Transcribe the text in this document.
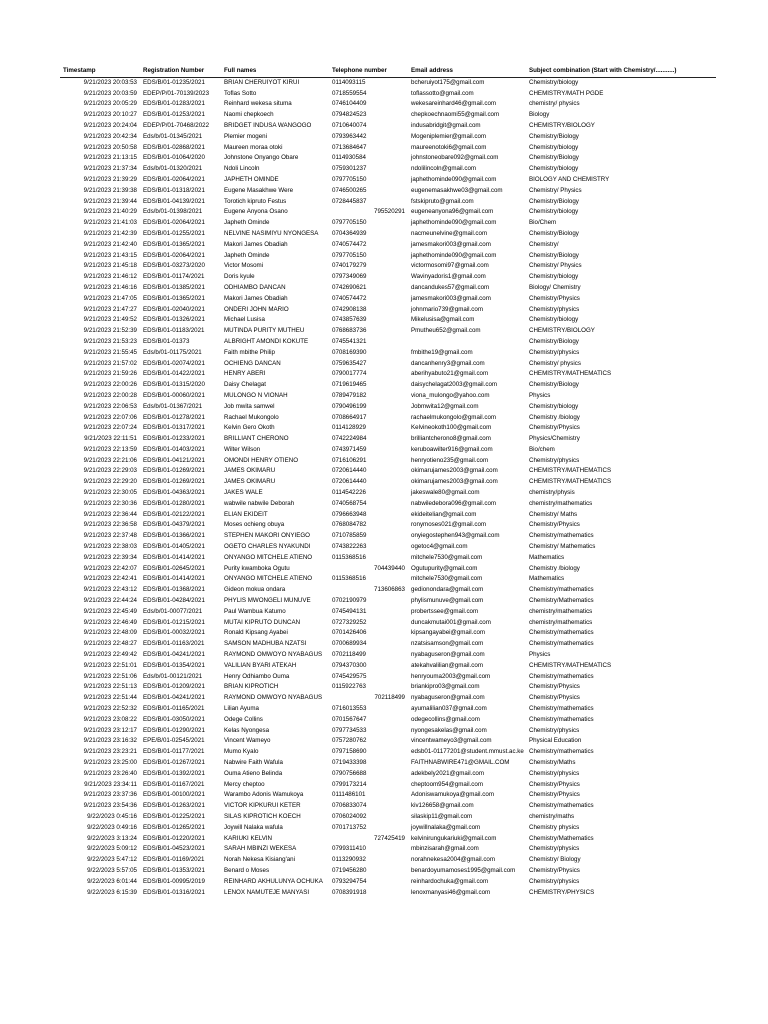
Timestamp	Registration Number	Full names	Telephone number	Email address	Subject combination (Start with Chemistry/...........)
9/21/2023 20:03:53	EDS/B/01-01235/2021	BRIAN CHERUIYOT KIRUI	0114093115	bcheruiyot175@gmail.com	Chemistry/biology
9/21/2023 20:03:59	EDEP/P/01-70139/2023	Toflas Sotto	0718559554	toflassotto@gmail.com	CHEMISTRY/MATH PGDE
9/21/2023 20:05:29	EDS/B/01-01283/2021	Reinhard wekesa situma	0746104409	wekesareinhard46@gmail.com	chemistry/ physics
9/21/2023 20:10:27	EDS/B/01-01253/2021	Naomi chepkoech	0794824523	chepkoechnaomi55@gmail.com	Biology
9/21/2023 20:24:04	EDEP/P/01-70468/2022	BRIDGET INDUSA WANGOGO	0710640074	indusabridgit@gmail.com	CHEMISTRY/BIOLOGY
9/21/2023 20:42:34	Eds/b/01-01345/2021	Plemier mogeni	0793963442	Mogeniplemier@gmail.com	Chemistry/Biology
9/21/2023 20:50:58	EDS/B/01-02868/2021	Maureen moraa otoki	0713684647	maureenotoki6@gmail.com	Chemistry/biology
9/21/2023 21:13:15	EDS/B/01-01064/2020	Johnstone Onyango Obare	0114930584	johnstoneobare092@gmail.com	Chemistry/Biology
9/21/2023 21:37:34	Eds/b/01-01320/2021	Ndoli Lincoln	0759301237	ndolilincoln@gmail.com	Chemistry/biology
9/21/2023 21:39:29	EDS/B/01-02064/2021	JAPHETH OMINDE	0797705150	japhethominde090@gmail.com	BIOLOGY AND CHEMISTRY
9/21/2023 21:39:38	EDS/B/01-01318/2021	Eugene Masakhwe Were	0746500265	eugenemasakhwe03@gmail.com	Chemistry/ Physics
9/21/2023 21:39:44	EDS/B/01-04139/2021	Torotich kipruto Festus	0728445837	fstskipruto@gmail.com	Chemistry/Biology
9/21/2023 21:40:29	Eds/b/01-01398/2021	Eugene Anyona Osano	795520291	eugeneanyona96@gmail.com	Chemistry/biology
9/21/2023 21:41:03	EDS/B/01-02064/2021	Japheth Ominde	0797705150	japhethominde090@gmail.com	Bio/Chem
9/21/2023 21:42:39	EDS/B/01-01255/2021	NELVINE NASIMIYU NYONGESA	0704364939	nacmeunelvine@gmail.com	Chemistry/Biology
9/21/2023 21:42:40	EDS/B/01-01365/2021	Makori James Obadiah	0740574472	jamesmakori003@gmail.com	Chemistry/
9/21/2023 21:43:15	EDS/B/01-02064/2021	Japheth Ominde	0797705150	japhethominde090@gmail.com	Chemistry/Biology
9/21/2023 21:45:18	EDS/B/01-03273/2020	Victor Mosomi	0740179279	victormosomi97@gmail.com	Chemistry/ Physics
9/21/2023 21:46:12	EDS/B/01-01174/2021	Doris kyule	0797349069	Wavinyadoris1@gmail.com	Chemistry/biology
9/21/2023 21:46:16	EDS/B/01-01385/2021	ODHIAMBO DANCAN	0742690621	dancandukes57@gmail.com	Biology/ Chemistry
9/21/2023 21:47:05	EDS/B/01-01365/2021	Makori James Obadiah	0740574472	jamesmakori003@gmail.com	Chemistry/Physics
9/21/2023 21:47:27	EDS/B/01-02040/2021	ONDERI JOHN MARIO	0742908138	johnmario739@gmail.com	Chemistry/physics
9/21/2023 21:49:52	EDS/B/01-01326/2021	Michael Lusisa	0743857639	Mikelusisa@gmail.com	Chemistry/biology
9/21/2023 21:52:39	EDS/B/01-01183/2021	MUTINDA PURITY MUTHEU	0768683736	Pmutheu652@gmail.com	CHEMISTRY/BIOLOGY
9/21/2023 21:53:23	EDS/B/01-01373	ALBRIGHT AMONDI KOKUTE	0745541321		Chemistry/Biology
9/21/2023 21:55:45	Eds/b/01-01175/2021	Faith mbithe Philip	0708169390	fmbithe19@gmail.com	Chemistry/physics
9/21/2023 21:57:02	EDS/B/01-02074/2021	OCHIENG DANCAN	0759635427	dancanhenry3@gmail.com	Chemistry/ physics
9/21/2023 21:59:26	EDS/B/01-01422/2021	HENRY ABERI	0790017774	aberihyabuto21@gmail.com	CHEMISTRY/MATHEMATICS
9/21/2023 22:00:26	EDS/B/01-01315/2020	Daisy Chelagat	0719619465	daisychelagat2003@gmail.com	Chemistry/Biology
9/21/2023 22:00:28	EDS/B/01-00060/2021	MULONGO N VIONAH	0789479182	viona_mulongo@yahoo.com	Physics
9/21/2023 22:06:53	Eds/b/01-01367/2021	Job mwita samwel	0790496199	Jobmwita12@gmail.com	Chemistry/biology
9/21/2023 22:07:06	EDS/B/01-01278/2021	Rachael Mukongolo	0708664917	rachaelmukongolo@gmail.com	Chemistry /biology
9/21/2023 22:07:24	EDS/B/01-01317/2021	Kelvin Gero Okoth	0114128929	Kelvineokoth100@gmail.com	Chemistry/Physics
9/21/2023 22:11:51	EDS/B/01-01233/2021	BRILLIANT CHERONO	0742224984	brilliantcherono8@gmail.com	Physics/Chemistry
9/21/2023 22:13:59	EDS/B/01-01403/2021	Wilter Wilson	0743971459	keruboawilter916@gmail.com	Bio/chem
9/21/2023 22:21:06	EDS/B/01-04121/2021	OMONDI HENRY OTIENO	0716106291	henryotieno235@gmail.com	Chemistry/physics
9/21/2023 22:29:03	EDS/B/01-01269/2021	JAMES OKIMARU	0720614440	okimarujames2003@gmail.com	CHEMISTRY/MATHEMATICS
9/21/2023 22:29:20	EDS/B/01-01269/2021	JAMES OKIMARU	0720614440	okimarujames2003@gmail.com	CHEMISTRY/MATHEMATICS
9/21/2023 22:30:05	EDS/B/01-04363/2021	JAKES WALE	0114542226	jakeswale80@gmail.com	chemistry/physis
9/21/2023 22:30:36	EDS/B/01-01280/2021	wabwile nabwile Deborah	0740568754	nabwiledebora096@gmail.com	chemistry/mathematics
9/21/2023 22:36:44	EDS/B/01-02122/2021	ELIAN EKIDEIT	0796663948	ekideitelian@gmail.com	Chemistry/ Maths
9/21/2023 22:36:58	EDS/B/01-04379/2021	Moses ochieng obuya	0768084782	ronymoses021@gmail.com	Chemistry/Physics
9/21/2023 22:37:48	EDS/B/01-01366/2021	STEPHEN MAKORI ONYIEGO	0710785859	onyiegostephen943@gmail.com	Chemistry/mathematics
9/21/2023 22:38:03	EDS/B/01-01405/2021	OGETO CHARLES NYAKUNDI	0743822263	ogetoc4@gmail.com	Chemistry/ Mathematics
9/21/2023 22:39:34	EDS/B/01-01414/2021	ONYANGO MITCHELE ATIENO	0115368516	mitchele7530@gmail.com	Mathematics
9/21/2023 22:42:07	EDS/B/01-02645/2021	Purity kwamboka Ogutu	704439440	Ogutupurity@gmail.com	Chemistry /biology
9/21/2023 22:42:41	EDS/B/01-01414/2021	ONYANGO MITCHELE ATIENO	0115368516	mitchele7530@gmail.com	Mathematics
9/21/2023 22:43:12	EDS/B/01-01368/2021	Gideon mokua ondara	713606863	gedionondara@gmail.com	Chemistry/mathematics
9/21/2023 22:44:24	EDS/B/01-04284/2021	PHYLIS MWONGELI MUNUVE	0702190979	phylismunuve@gmail.com	Chemistry/Mathematics
9/21/2023 22:45:49	Eds/b/01-00077/2021	Paul Wambua Katumo	0745494131	probertssee@gmail.com	chemistry/mathematics
9/21/2023 22:46:49	EDS/B/01-01215/2021	MUTAI KIPRUTO DUNCAN	0727329252	duncakmutai001@gmail.com	chemistry/mathematics
9/21/2023 22:48:09	EDS/B/01-00032/2021	Ronald Kipsang Ayabei	0701426406	kipsangayabei@gmail.com	Chemistry/mathematics
9/21/2023 22:48:27	EDS/B/01-01163/2021	SAMSON MADHUBA NZATSI	0700689934	nzatsisamson@gmail.com	Chemistry/mathematics
9/21/2023 22:49:42	EDS/B/01-04241/2021	RAYMOND OMWOYO NYABAGUS	0702118499	nyabaguseron@gmail.com	Physics
9/21/2023 22:51:01	EDS/B/01-01354/2021	VALILIAN BYARI ATEKAH	0794370300	atekahvalilian@gmail.com	CHEMISTRY/MATHEMATICS
9/21/2023 22:51:06	Eds/b/01-00121/2021	Henry Odhiambo Ouma	0745429575	henryouma2003@gmail.com	Chemistry/mathematics
9/21/2023 22:51:13	EDS/B/01-01209/2021	BRIAN KIPROTICH	0115922763	briankipro03@gmail.com	Chemistry/Physics
9/21/2023 22:51:44	EDS/B/01-04241/2021	RAYMOND OMWOYO NYABAGUS	702118499	nyabaguseron@gmail.com	Chemistry/Physics
9/21/2023 22:52:32	EDS/B/01-01165/2021	Lilian Ayuma	0716013553	ayumalilian037@gmail.com	Chemistry/mathematics
9/21/2023 23:08:22	EDS/B/01-03050/2021	Odege Collins	0701567647	odegecollins@gmail.com	Chemistry/mathematics
9/21/2023 23:12:17	EDS/B/01-01290/2021	Kelas Nyongesa	0797734533	nyongesakelas@gmail.com	Chemistry/physics
9/21/2023 23:16:32	EPE/B/01-02545/2021	Vincent Wameyo	0757280762	vincentwameyo3@gmail.com	Physical Education
9/21/2023 23:23:21	EDS/B/01-01177/2021	Mumo Kyalo	0797158690	edsb01-01177201@student.mmust.ac.ke	Chemistry/mathematics
9/21/2023 23:25:00	EDS/B/01-01267/2021	Nabwire Faith Wafula	0719433398	FAITHNABWIRE471@GMAIL.COM	Chemistry/Maths
9/21/2023 23:26:40	EDS/B/01-01392/2021	Ouma Atieno Belinda	0790756688	adekbely2021@gmail.com	Chemistry/physics
9/21/2023 23:34:11	EDS/B/01-01167/2021	Mercy cheptoo	0799173214	cheptoom954@gmail.com	Chemistry/Physics
9/21/2023 23:37:36	EDS/B/01-00100/2021	Warambo Adonis Wamukoya	0111486101	Adoniswamukoya@gmail.com	Chemistry/Physics
9/21/2023 23:54:36	EDS/B/01-01263/2021	VICTOR KIPKURUI KETER	0706833074	kiv126658@gmail.com	Chemistry/mathematics
9/22/2023 0:45:16	EDS/B/01-01225/2021	SILAS KIPROTICH KOECH	0706024092	silaskip11@gmail.com	chemistry/maths
9/22/2023 0:49:16	EDS/B/01-01265/2021	Joywill Nalaka wafula	0701713752	joywillnalaka@gmail.com	Chemistry physics
9/22/2023 3:13:24	EDS/B/01-01220/2021	KARIUKI KELVIN	727425419	kelvinirungukariuki@gmail.com	Chemistry/Mathematics
9/22/2023 5:09:12	EDS/B/01-04523/2021	SARAH MBINZI WEKESA	0799311410	mbinzisarah@gmail.com	Chemistry/physics
9/22/2023 5:47:12	EDS/B/01-01169/2021	Norah Nekesa Kisiang'ani	0113290932	norahnekesa2004@gmail.com	Chemistry/ Biology
9/22/2023 5:57:05	EDS/B/01-01353/2021	Benard o Moses	0719456280	benardoyumamoses1995@gmail.com	Chemistry/Physics
9/22/2023 6:01:44	EDS/B/01-00995/2019	REINHARD AKHULUNYA OCHUKA	0793294754	reinhardochuka@gmail.com	Chemistry/physics
9/22/2023 6:15:39	EDS/B/01-01316/2021	LENOX NAMUTEJE MANYASI	0708391918	lenoxmanyasi46@gmail.com	CHEMISTRY/PHYSICS
